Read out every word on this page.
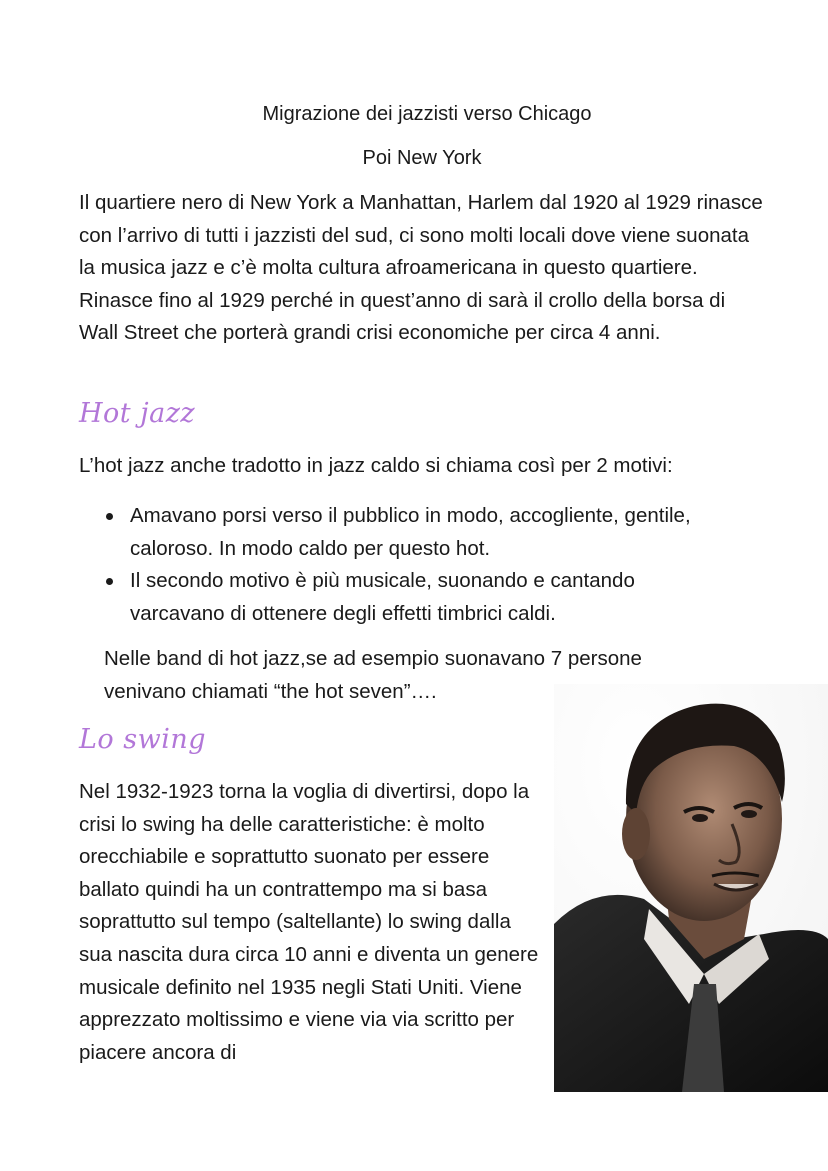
Migrazione dei jazzisti verso Chicago
Poi New York

Il quartiere nero di New York a Manhattan, Harlem dal 1920 al 1929 rinasce con l’arrivo di tutti i jazzisti del sud, ci sono molti locali dove viene suonata la musica jazz e c’è molta cultura afroamericana in questo quartiere. Rinasce fino al 1929 perché in quest’anno di sarà il crollo della borsa di Wall Street che porterà grandi crisi economiche per circa 4 anni.

Hot jazz

L’hot jazz anche tradotto in jazz caldo si chiama così per 2 motivi:

Amavano porsi verso il pubblico in modo, accogliente, gentile, caloroso. In modo caldo per questo hot.
Il secondo motivo è più musicale, suonando e cantando varcavano di ottenere degli effetti timbrici caldi.

Nelle band di hot jazz,se ad esempio suonavano 7 persone venivano chiamati “the hot seven”….

Lo swing

Nel 1932-1923 torna la voglia di divertirsi, dopo la crisi lo swing ha delle caratteristiche: è molto orecchiabile e soprattutto suonato per essere ballato quindi ha un contrattempo ma si basa soprattutto sul tempo (saltellante) lo swing dalla sua nascita dura circa 10 anni e diventa un genere musicale definito nel 1935 negli Stati Uniti. Viene apprezzato moltissimo e viene via via scritto per piacere ancora di
